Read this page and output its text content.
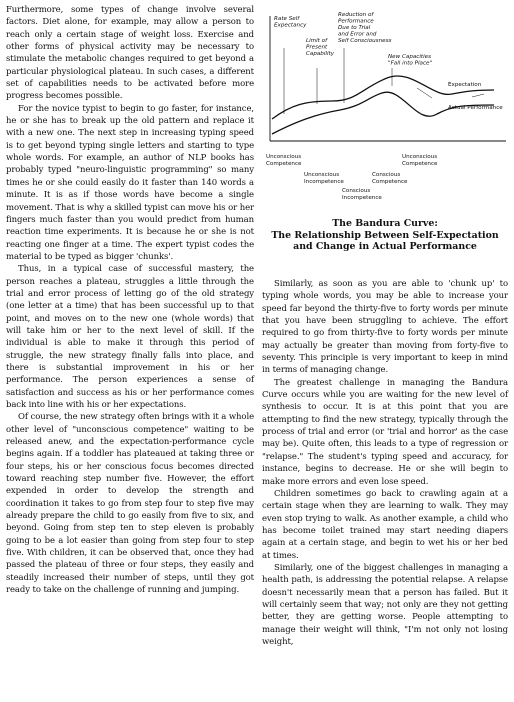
Furthermore, some types of change involve several factors. Diet alone, for example, may allow a person to reach only a certain stage of weight loss. Exercise and other forms of physical activity may be necessary to stimulate the metabolic changes required to get beyond a particular physiological plateau. In such cases, a different set of capabilities needs to be activated before more progress becomes possible.

For the novice typist to begin to go faster, for instance, he or she has to break up the old pattern and replace it with a new one. The next step in increasing typing speed is to get beyond typing single letters and starting to type whole words. For example, an author of NLP books has probably typed "neuro-linguistic programming" so many times he or she could easily do it faster than 140 words a minute. It is as if those words have become a single movement. That is why a skilled typist can move his or her fingers much faster than you would predict from human reaction time experiments. It is because he or she is not reacting one finger at a time. The expert typist codes the material to be typed as bigger 'chunks'.

Thus, in a typical case of successful mastery, the person reaches a plateau, struggles a little through the trial and error process of letting go of the old strategy (one letter at a time) that has been successful up to that point, and moves on to the new one (whole words) that will take him or her to the next level of skill. If the individual is able to make it through this period of struggle, the new strategy finally falls into place, and there is substantial improvement in his or her performance. The person experiences a sense of satisfaction and success as his or her performance comes back into line with his or her expectations.

Of course, the new strategy often brings with it a whole other level of "unconscious competence" waiting to be released anew, and the expectation-performance cycle begins again. If a toddler has plateaued at taking three or four steps, his or her conscious focus becomes directed toward reaching step number five. However, the effort expended in order to develop the strength and coordination it takes to go from step four to step five may already prepare the child to go easily from five to six, and beyond. Going from step ten to step eleven is probably going to be a lot easier than going from step four to step five. With children, it can be observed that, once they had passed the plateau of three or four steps, they easily and steadily increased their number of steps, until they got ready to take on the challenge of running and jumping.

Rate Self Expectancy
Limit of Present Capability
Reduction of Performance Due to Trial and Error and Self Consciousness
New Capacities "Fall into Place"
Expectation
Actual Performance
Unconscious Competence
Unconscious Incompetence
Conscious Incompetence
Conscious Competence
Unconscious Competence
The Bandura Curve:
The Relationship Between Self-Expectation
and Change in Actual Performance

Similarly, as soon as you are able to 'chunk up' to typing whole words, you may be able to increase your speed far beyond the thirty-five to forty words per minute that you have been struggling to achieve. The effort required to go from thirty-five to forty words per minute may actually be greater than moving from forty-five to seventy. This principle is very important to keep in mind in terms of managing change.

The greatest challenge in managing the Bandura Curve occurs while you are waiting for the new level of synthesis to occur. It is at this point that you are attempting to find the new strategy, typically through the process of trial and error (or 'trial and horror' as the case may be). Quite often, this leads to a type of regression or "relapse." The student's typing speed and accuracy, for instance, begins to decrease. He or she will begin to make more errors and even lose speed.

Children sometimes go back to crawling again at a certain stage when they are learning to walk. They may even stop trying to walk. As another example, a child who has become toilet trained may start needing diapers again at a certain stage, and begin to wet his or her bed at times.

Similarly, one of the biggest challenges in managing a health path, is addressing the potential relapse. A relapse doesn't necessarily mean that a person has failed. But it will certainly seem that way; not only are they not getting better, they are getting worse. People attempting to manage their weight will think, "I'm not only not losing weight,
